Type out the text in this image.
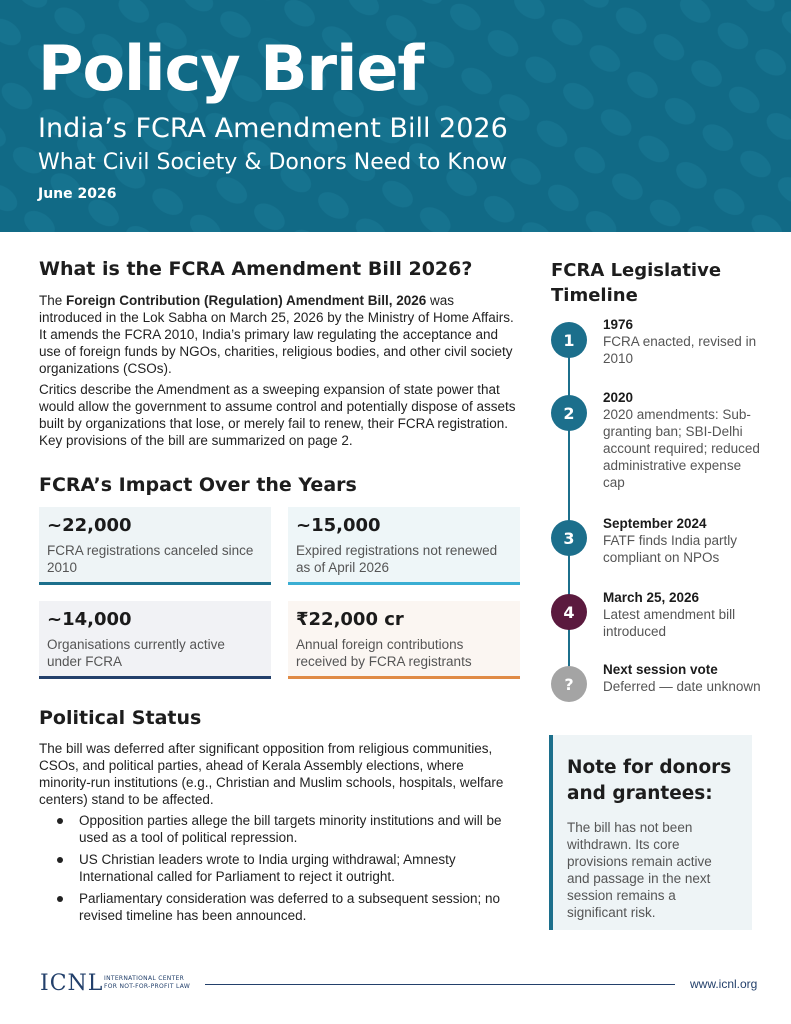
Policy Brief
India’s FCRA Amendment Bill 2026
What Civil Society & Donors Need to Know
June 2026
What is the FCRA Amendment Bill 2026?
The Foreign Contribution (Regulation) Amendment Bill, 2026 was introduced in the Lok Sabha on March 25, 2026 by the Ministry of Home Affairs. It amends the FCRA 2010, India’s primary law regulating the acceptance and use of foreign funds by NGOs, charities, religious bodies, and other civil society organizations (CSOs).
Critics describe the Amendment as a sweeping expansion of state power that would allow the government to assume control and potentially dispose of assets built by organizations that lose, or merely fail to renew, their FCRA registration. Key provisions of the bill are summarized on page 2.
FCRA’s Impact Over the Years
~22,000
FCRA registrations canceled since 2010
~15,000
Expired registrations not renewed as of April 2026
~14,000
Organisations currently active under FCRA
₹22,000 cr
Annual foreign contributions received by FCRA registrants
Political Status
The bill was deferred after significant opposition from religious communities, CSOs, and political parties, ahead of Kerala Assembly elections, where minority-run institutions (e.g., Christian and Muslim schools, hospitals, welfare centers) stand to be affected.
Opposition parties allege the bill targets minority institutions and will be used as a tool of political repression.
US Christian leaders wrote to India urging withdrawal; Amnesty International called for Parliament to reject it outright.
Parliamentary consideration was deferred to a subsequent session; no revised timeline has been announced.
FCRA Legislative Timeline
1
1976
FCRA enacted, revised in 2010
2
2020
2020 amendments: Sub-granting ban; SBI-Delhi account required; reduced administrative expense cap
3
September 2024
FATF finds India partly compliant on NPOs
4
March 25, 2026
Latest amendment bill introduced
?
Next session vote
Deferred — date unknown
Note for donors and grantees:
The bill has not been withdrawn. Its core provisions remain active and passage in the next session remains a significant risk.
ICNL INTERNATIONAL CENTER
FOR NOT-FOR-PROFIT LAW	www.icnl.org
